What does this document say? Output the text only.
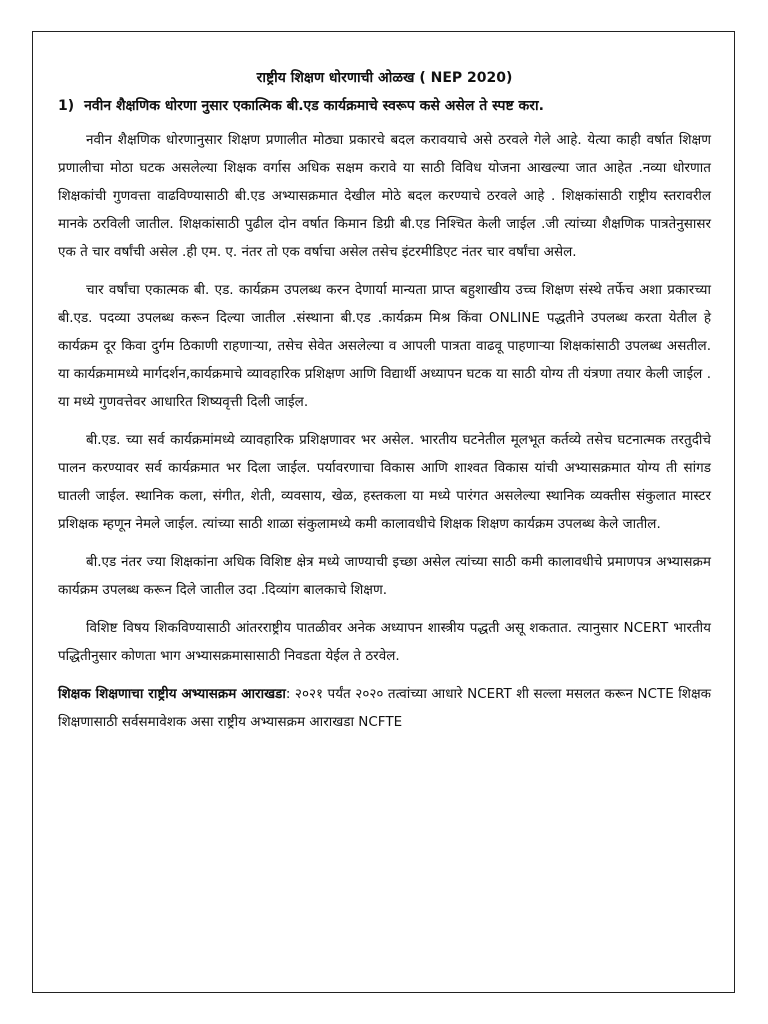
राष्ट्रीय शिक्षण धोरणाची ओळख ( NEP 2020)
1) नवीन शैक्षणिक धोरणा नुसार एकात्मिक बी.एड कार्यक्रमाचे स्वरूप कसे असेल ते स्पष्ट करा.

नवीन शैक्षणिक धोरणानुसार शिक्षण प्रणालीत मोठ्या प्रकारचे बदल करावयाचे असे ठरवले गेले आहे. येत्या काही वर्षात शिक्षण प्रणालीचा मोठा घटक असलेल्या शिक्षक वर्गास अधिक सक्षम करावे या साठी विविध योजना आखल्या जात आहेत .नव्या धोरणात शिक्षकांची गुणवत्ता वाढविण्यासाठी बी.एड अभ्यासक्रमात देखील मोठे बदल करण्याचे ठरवले आहे . शिक्षकांसाठी राष्ट्रीय स्तरावरील मानके ठरविली जातील. शिक्षकांसाठी पुढील दोन वर्षात किमान डिग्री बी.एड निश्चित केली जाईल .जी त्यांच्या शैक्षणिक पात्रतेनुसासर एक ते चार वर्षांची असेल .ही एम. ए. नंतर तो एक वर्षाचा असेल तसेच इंटरमीडिएट नंतर चार वर्षांचा असेल.

चार वर्षांचा एकात्मक बी. एड. कार्यक्रम उपलब्ध करन देणार्या मान्यता प्राप्त बहुशाखीय उच्च शिक्षण संस्थे तर्फेच अशा प्रकारच्या बी.एड. पदव्या उपलब्ध करून दिल्या जातील .संस्थाना बी.एड .कार्यक्रम मिश्र किंवा ONLINE पद्धतीने उपलब्ध करता येतील हे कार्यक्रम दूर किवा दुर्गम ठिकाणी राहणाऱ्या, तसेच सेवेत असलेल्या व आपली पात्रता वाढवू पाहणाऱ्या शिक्षकांसाठी उपलब्ध असतील. या कार्यक्रमामध्ये मार्गदर्शन,कार्यक्रमाचे व्यावहारिक प्रशिक्षण आणि विद्यार्थी अध्यापन घटक या साठी योग्य ती यंत्रणा तयार केली जाईल . या मध्ये गुणवत्तेवर आधारित शिष्यवृत्ती दिली जाईल.

बी.एड. च्या सर्व कार्यक्रमांमध्ये व्यावहारिक प्रशिक्षणावर भर असेल. भारतीय घटनेतील मूलभूत कर्तव्ये तसेच घटनात्मक तरतुदीचे पालन करण्यावर सर्व कार्यक्रमात भर दिला जाईल. पर्यावरणाचा विकास आणि शाश्वत विकास यांची अभ्यासक्रमात योग्य ती सांगड घातली जाईल. स्थानिक कला, संगीत, शेती, व्यवसाय, खेळ, हस्तकला या मध्ये पारंगत असलेल्या स्थानिक व्यक्तीस संकुलात मास्टर प्रशिक्षक म्हणून नेमले जाईल. त्यांच्या साठी शाळा संकुलामध्ये कमी कालावधीचे शिक्षक शिक्षण कार्यक्रम उपलब्ध केले जातील.

बी.एड नंतर ज्या शिक्षकांना अधिक विशिष्ट क्षेत्र मध्ये जाण्याची इच्छा असेल त्यांच्या साठी कमी कालावधीचे प्रमाणपत्र अभ्यासक्रम कार्यक्रम उपलब्ध करून दिले जातील उदा .दिव्यांग बालकाचे शिक्षण.

विशिष्ट विषय शिकविण्यासाठी आंतरराष्ट्रीय पातळीवर अनेक अध्यापन शास्त्रीय पद्धती असू शकतात. त्यानुसार NCERT भारतीय पद्धितीनुसार कोणता भाग अभ्यासक्रमासासाठी निवडता येईल ते ठरवेल.

शिक्षक शिक्षणाचा राष्ट्रीय अभ्यासक्रम आराखडा: २०२१ पर्यंत २०२० तत्वांच्या आधारे NCERT शी सल्ला मसलत करून NCTE शिक्षक शिक्षणासाठी सर्वसमावेशक असा राष्ट्रीय अभ्यासक्रम आराखडा NCFTE
